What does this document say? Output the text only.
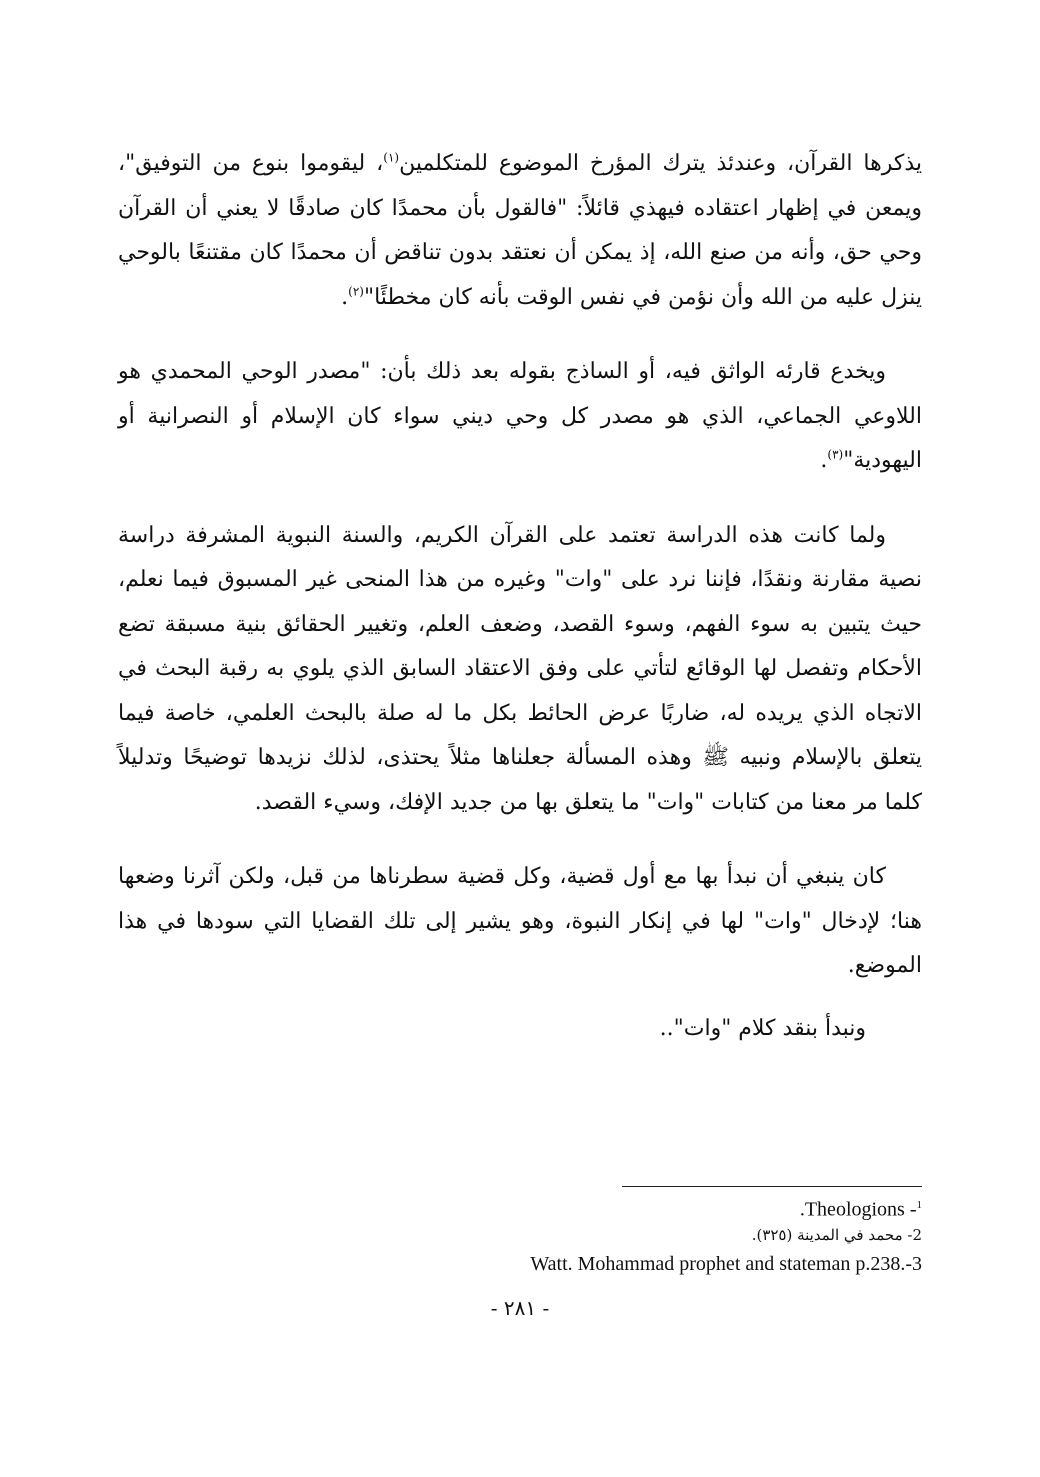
يذكرها القرآن، وعندئذ يترك المؤرخ الموضوع للمتكلمين$^{(١)}$، ليقوموا بنوع من التوفيق"، ويمعن في إظهار اعتقاده فيهذي قائلاً: "فالقول بأن محمدًا كان صادقًا لا يعني أن القرآن وحي حق، وأنه من صنع الله، إذ يمكن أن نعتقد بدون تناقض أن محمدًا كان مقتنعًا بالوحي ينزل عليه من الله وأن نؤمن في نفس الوقت بأنه كان مخطئًا"$^{(٢)}$.

ويخدع قارئه الواثق فيه، أو الساذج بقوله بعد ذلك بأن: "مصدر الوحي المحمدي هو اللاوعي الجماعي، الذي هو مصدر كل وحي ديني سواء كان الإسلام أو النصرانية أو اليهودية"$^{(٣)}$.

ولما كانت هذه الدراسة تعتمد على القرآن الكريم، والسنة النبوية المشرفة دراسة نصية مقارنة ونقدًا، فإننا نرد على "وات" وغيره من هذا المنحى غير المسبوق فيما نعلم، حيث يتبين به سوء الفهم، وسوء القصد، وضعف العلم، وتغيير الحقائق بنية مسبقة تضع الأحكام وتفصل لها الوقائع لتأتي على وفق الاعتقاد السابق الذي يلوي به رقبة البحث في الاتجاه الذي يريده له، ضاربًا عرض الحائط بكل ما له صلة بالبحث العلمي، خاصة فيما يتعلق بالإسلام ونبيه ﷺ وهذه المسألة جعلناها مثلاً يحتذى، لذلك نزيدها توضيحًا وتدليلاً كلما مر معنا من كتابات "وات" ما يتعلق بها من جديد الإفك، وسيء القصد.

كان ينبغي أن نبدأ بها مع أول قضية، وكل قضية سطرناها من قبل، ولكن آثرنا وضعها هنا؛ لإدخال "وات" لها في إنكار النبوة، وهو يشير إلى تلك القضايا التي سودها في هذا الموضع.

ونبدأ بنقد كلام "وات"..

.Theologions -$^1$

2- محمد في المدينة (٣٢٥).

Watt. Mohammad prophet and stateman p.238.-3

- ٢٨١ -
